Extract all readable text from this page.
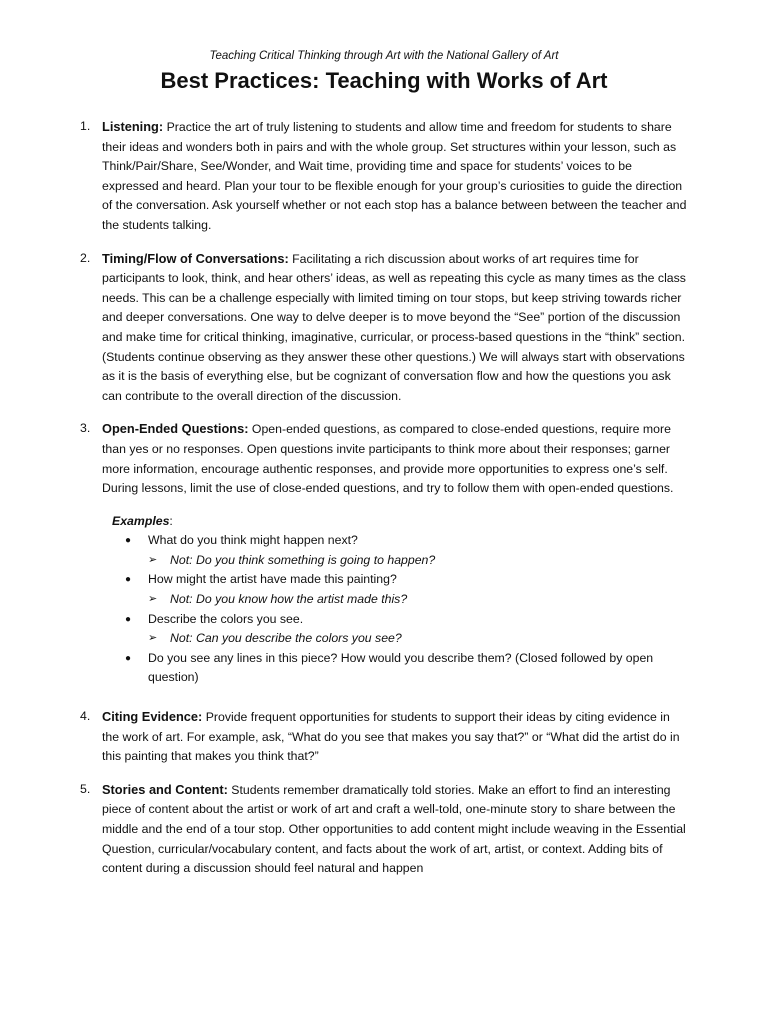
Teaching Critical Thinking through Art with the National Gallery of Art

Best Practices: Teaching with Works of Art
1. Listening: Practice the art of truly listening to students and allow time and freedom for students to share their ideas and wonders both in pairs and with the whole group. Set structures within your lesson, such as Think/Pair/Share, See/Wonder, and Wait time, providing time and space for students’ voices to be expressed and heard. Plan your tour to be flexible enough for your group’s curiosities to guide the direction of the conversation. Ask yourself whether or not each stop has a balance between between the teacher and the students talking.
2. Timing/Flow of Conversations: Facilitating a rich discussion about works of art requires time for participants to look, think, and hear others’ ideas, as well as repeating this cycle as many times as the class needs. This can be a challenge especially with limited timing on tour stops, but keep striving towards richer and deeper conversations. One way to delve deeper is to move beyond the “See” portion of the discussion and make time for critical thinking, imaginative, curricular, or process-based questions in the “think” section. (Students continue observing as they answer these other questions.) We will always start with observations as it is the basis of everything else, but be cognizant of conversation flow and how the questions you ask can contribute to the overall direction of the discussion.
3. Open-Ended Questions: Open-ended questions, as compared to close-ended questions, require more than yes or no responses. Open questions invite participants to think more about their responses; garner more information, encourage authentic responses, and provide more opportunities to express one’s self. During lessons, limit the use of close-ended questions, and try to follow them with open-ended questions.
Examples:
● What do you think might happen next?
➢ Not: Do you think something is going to happen?
● How might the artist have made this painting?
➢ Not: Do you know how the artist made this?
● Describe the colors you see.
➢ Not: Can you describe the colors you see?
● Do you see any lines in this piece? How would you describe them? (Closed followed by open question)
4. Citing Evidence: Provide frequent opportunities for students to support their ideas by citing evidence in the work of art. For example, ask, “What do you see that makes you say that?” or “What did the artist do in this painting that makes you think that?”
5. Stories and Content: Students remember dramatically told stories. Make an effort to find an interesting piece of content about the artist or work of art and craft a well-told, one-minute story to share between the middle and the end of a tour stop. Other opportunities to add content might include weaving in the Essential Question, curricular/vocabulary content, and facts about the work of art, artist, or context. Adding bits of content during a discussion should feel natural and happen
